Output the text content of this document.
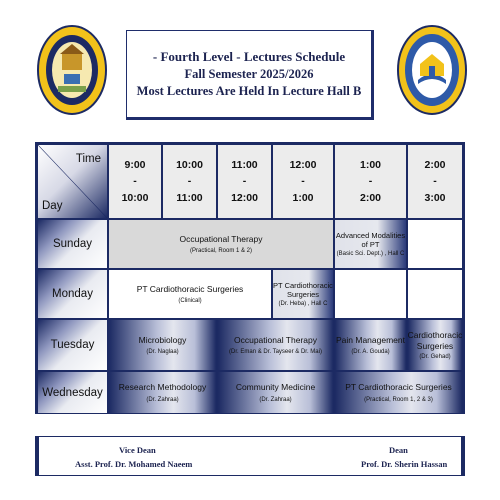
- Fourth Level - Lectures Schedule
Fall Semester 2025/2026
Most Lectures Are Held In Lecture Hall B
Time
Day
9:00
-
10:00
10:00
-
11:00
11:00
-
12:00
12:00
-
1:00
1:00
-
2:00
2:00
-
3:00
Sunday
Monday
Tuesday
Wednesday
Occupational Therapy
(Practical, Room 1 & 2)
Advanced Modalities of PT
(Basic Sci. Dept.) , Hall C
PT Cardiothoracic Surgeries
(Clinical)
PT Cardiothoracic Surgeries
(Dr. Heba) , Hall C
Microbiology
(Dr. Naglaa)
Occupational Therapy
(Dr. Eman & Dr. Tayseer & Dr. Mai)
Pain Management
(Dr. A. Gouda)
Cardiothoracic Surgeries
(Dr. Gehad)
Research Methodology
(Dr. Zahraa)
Community Medicine
(Dr. Zahraa)
PT Cardiothoracic Surgeries
(Practical, Room 1, 2 & 3)
Vice Dean
Asst. Prof. Dr. Mohamed Naeem
Dean
Prof. Dr. Sherin Hassan
